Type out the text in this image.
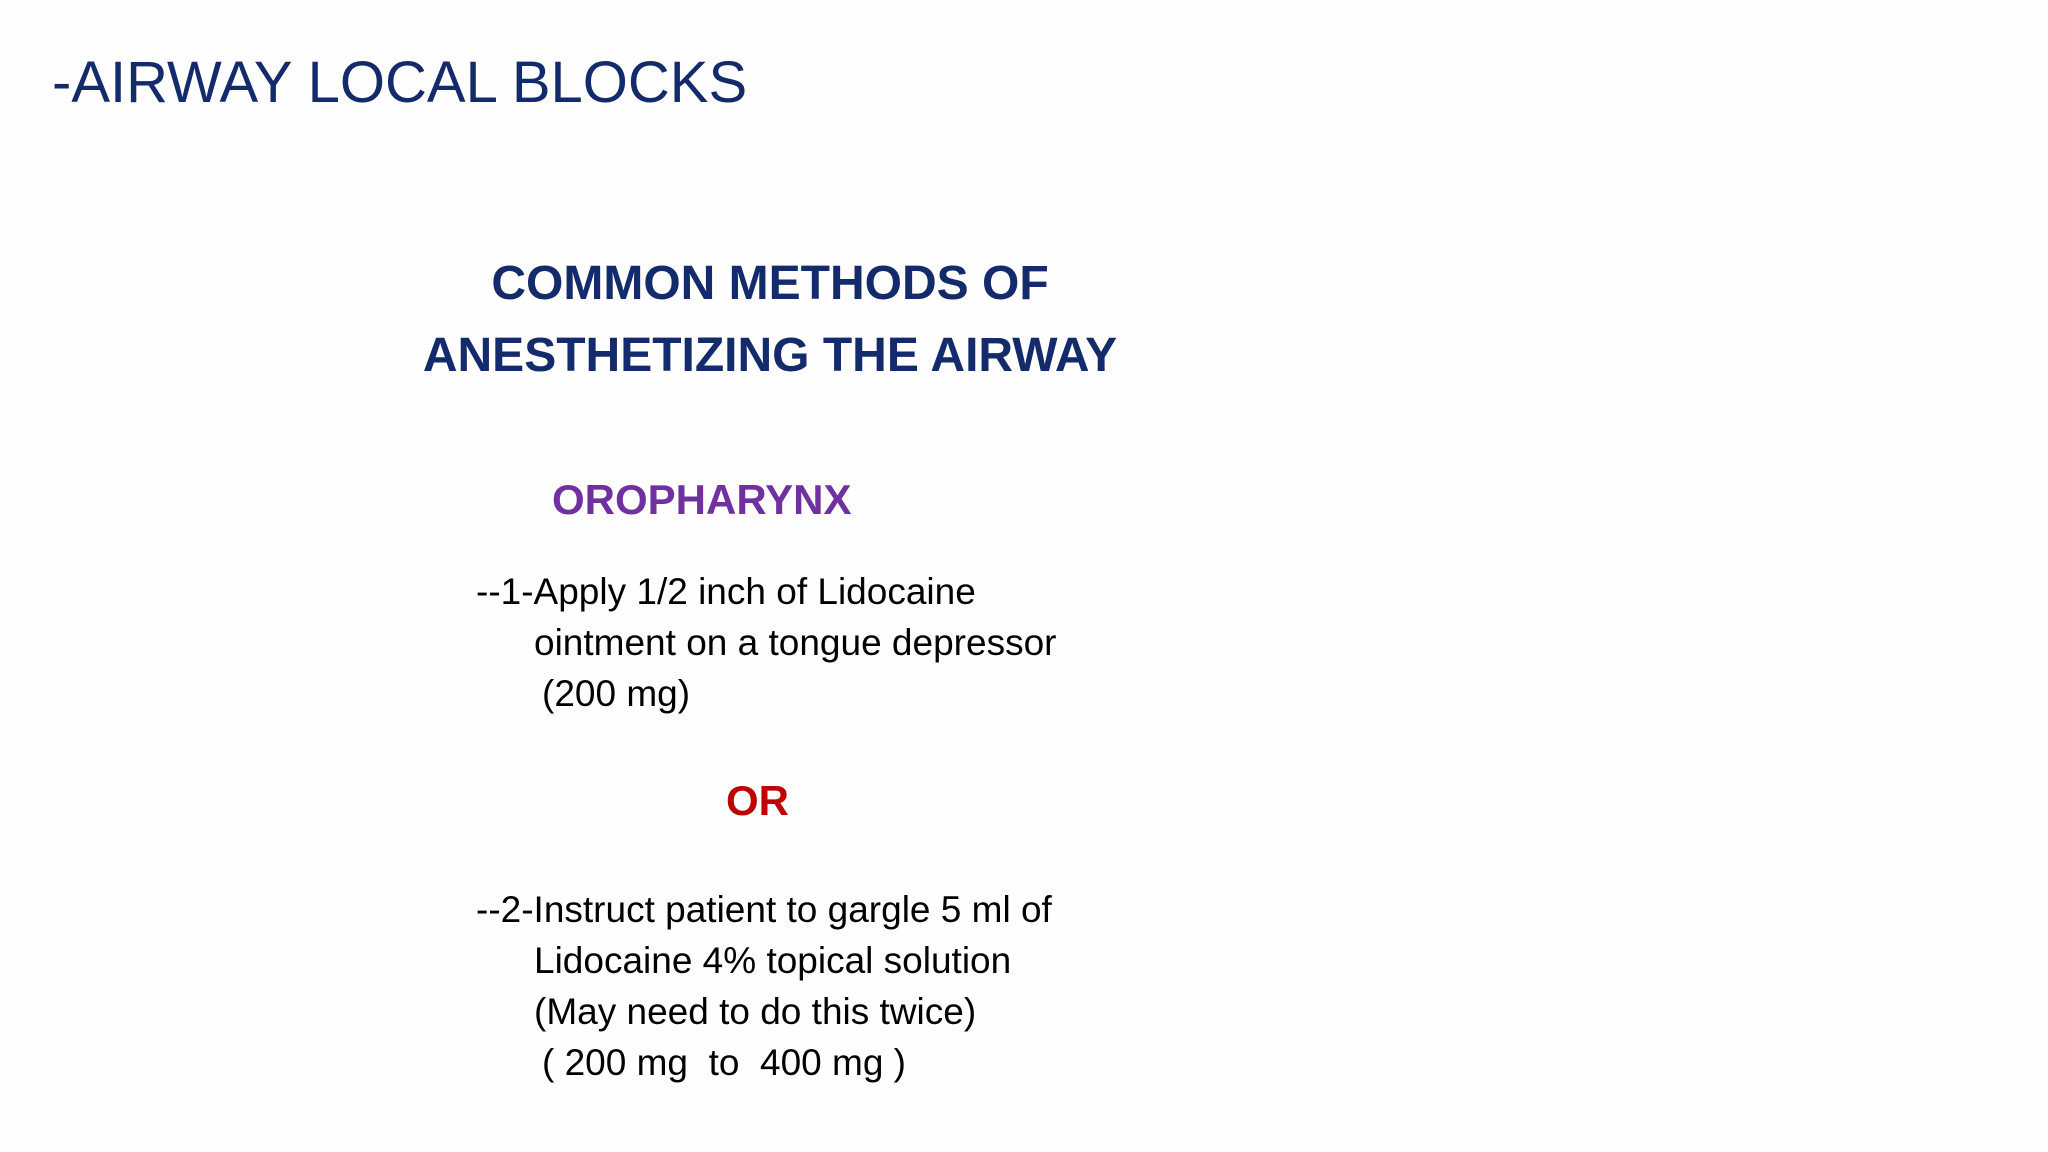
-AIRWAY LOCAL BLOCKS
COMMON METHODS OF
ANESTHETIZING THE AIRWAY
OROPHARYNX
--1-Apply 1/2 inch of Lidocaine
ointment on a tongue depressor
(200 mg)
OR
--2-Instruct patient to gargle 5 ml of
Lidocaine 4% topical solution
(May need to do this twice)
( 200 mg  to  400 mg )
